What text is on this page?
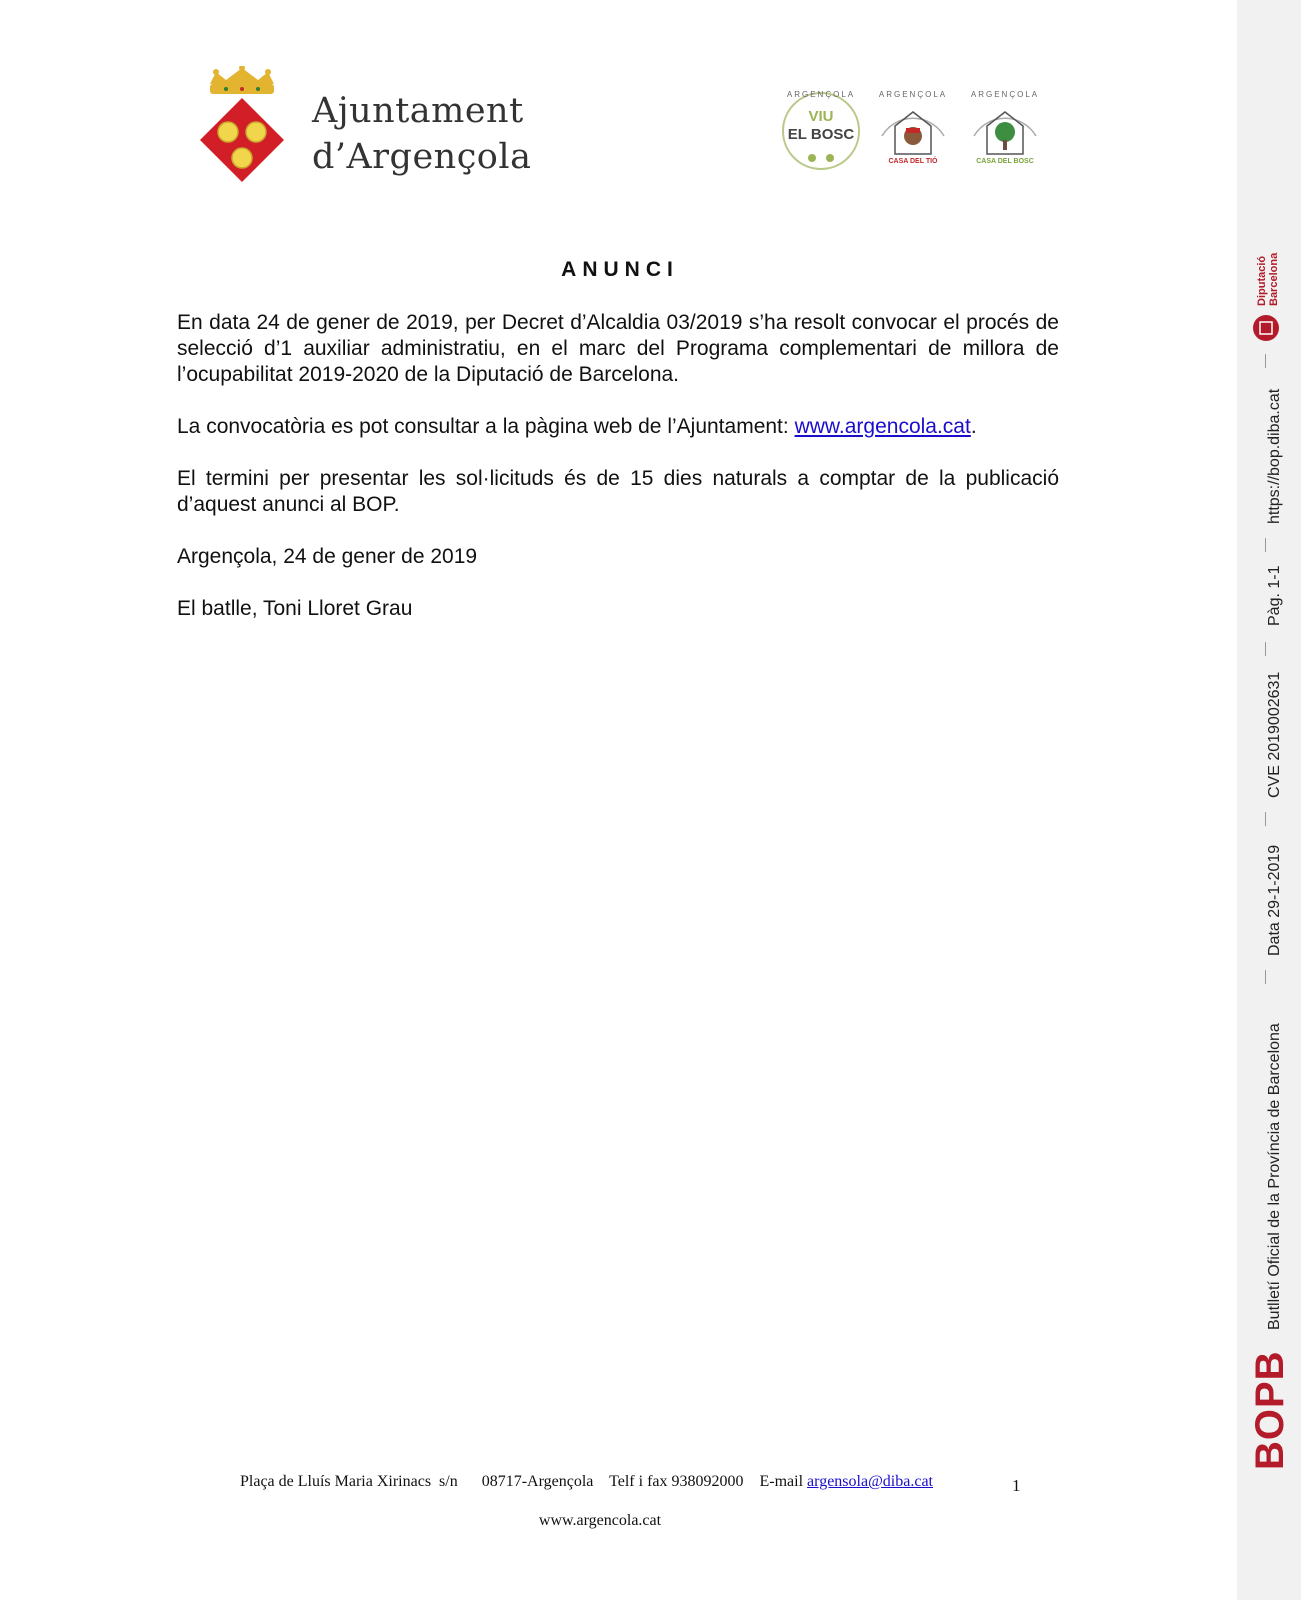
Ajuntament
d’Argençola
ARGENÇOLA
VIU
EL BOSC
ARGENÇOLA
CASA DEL TIÓ
ARGENÇOLA
CASA DEL BOSC
ANUNCI

En data 24 de gener de 2019, per Decret d’Alcaldia 03/2019 s’ha resolt convocar el procés de selecció d’1 auxiliar administratiu, en el marc del Programa complementari de millora de l’ocupabilitat 2019-2020 de la Diputació de Barcelona.

La convocatòria es pot consultar a la pàgina web de l’Ajuntament: www.argencola.cat.

El termini per presentar les sol·licituds és de 15 dies naturals a comptar de la publicació d’aquest anunci al BOP.

Argençola, 24 de gener de 2019

El batlle, Toni Lloret Grau

Plaça de Lluís Maria Xirinacs  s/n      08717-Argençola    Telf i fax 938092000    E-mail argensola@diba.cat	1
www.argencola.cat
BOPB
Butlletí Oficial de la Província de Barcelona
Data 29-1-2019
CVE 2019002631
Pàg. 1-1
https://bop.diba.cat
Diputació Barcelona
